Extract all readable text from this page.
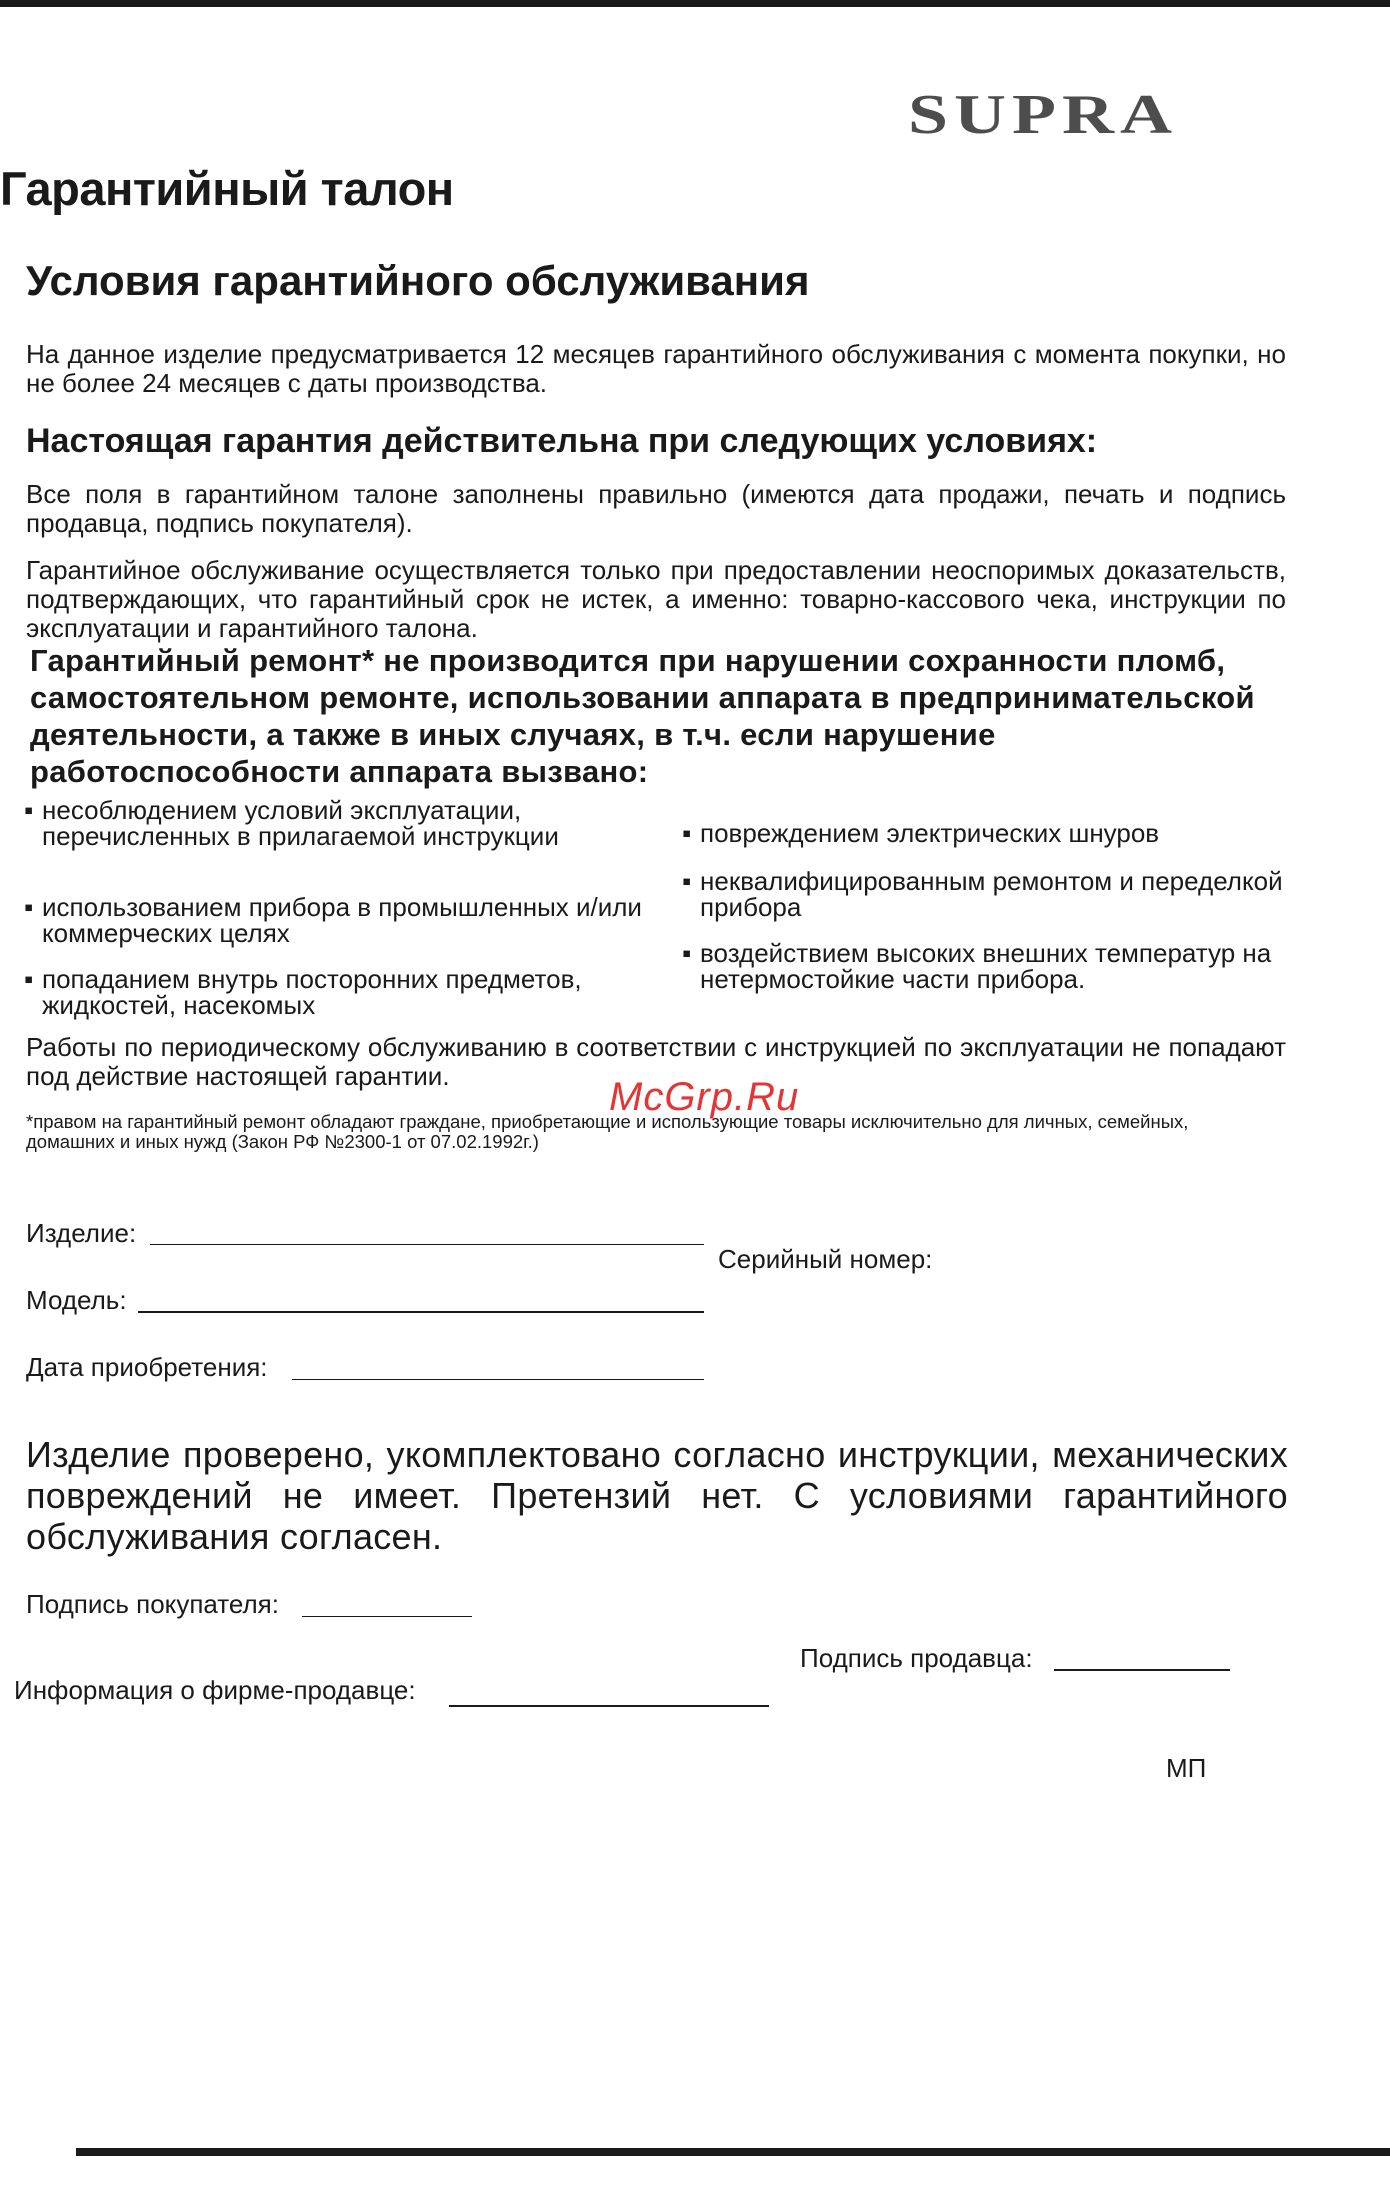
SUPRA
Гарантийный талон
Условия гарантийного обслуживания

На данное изделие предусматривается 12 месяцев гарантийного обслуживания с момента покупки, но не более 24 месяцев с даты производства.

Настоящая гарантия действительна при следующих условиях:

Все поля в гарантийном талоне заполнены правильно (имеются дата продажи, печать и подпись продавца, подпись покупателя).

Гарантийное обслуживание осуществляется только при предоставлении неоспоримых доказательств, подтверждающих, что гарантийный срок не истек, а именно: товарно-кассового чека, инструкции по эксплуатации и гарантийного талона.

Гарантийный ремонт* не производится при нарушении сохранности пломб, самостоятельном ремонте, использовании аппарата в предпринимательской деятельности, а также в иных случаях, в т.ч. если нарушение работоспособности аппарата вызвано:

▪ несоблюдением условий эксплуатации, перечисленных в прилагаемой инструкции
▪ использованием прибора в промышленных и/или коммерческих целях
▪ попаданием внутрь посторонних предметов, жидкостей, насекомых
▪ повреждением электрических шнуров
▪ неквалифицированным ремонтом и переделкой прибора
▪ воздействием высоких внешних температур на нетермостойкие части прибора.

Работы по периодическому обслуживанию в соответствии с инструкцией по эксплуатации не попадают под действие настоящей гарантии.	McGrp.Ru

*правом на гарантийный ремонт обладают граждане, приобретающие и использующие товары исключительно для личных, семейных, домашних и иных нужд (Закон РФ №2300-1 от 07.02.1992г.)

Изделие:
Серийный номер:
Модель:
Дата приобретения:

Изделие проверено, укомплектовано согласно инструкции, механических повреждений не имеет. Претензий нет. С условиями гарантийного обслуживания согласен.

Подпись покупателя:
Подпись продавца:
Информация о фирме-продавце:
МП
